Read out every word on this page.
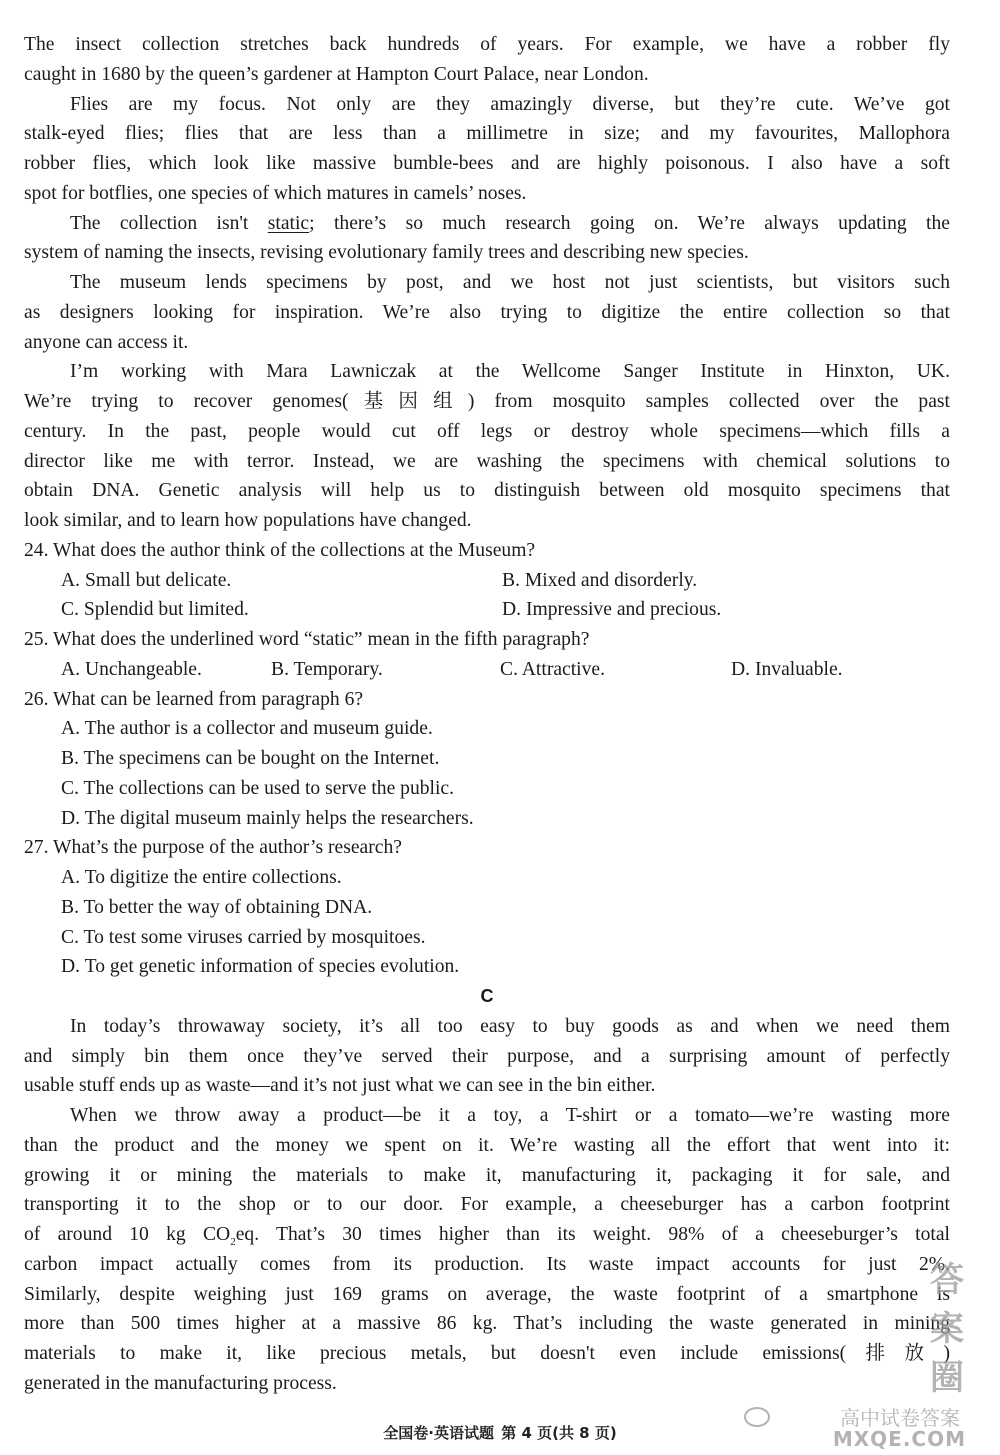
The insect collection stretches back hundreds of years. For example, we have a robber fly
caught in 1680 by the queen’s gardener at Hampton Court Palace, near London.
Flies are my focus. Not only are they amazingly diverse, but they’re cute. We’ve got
stalk-eyed flies; flies that are less than a millimetre in size; and my favourites, Mallophora
robber flies, which look like massive bumble-bees and are highly poisonous. I also have a soft
spot for botflies, one species of which matures in camels’ noses.
The collection isn't static; there’s so much research going on. We’re always updating the
system of naming the insects, revising evolutionary family trees and describing new species.
The museum lends specimens by post, and we host not just scientists, but visitors such
as designers looking for inspiration. We’re also trying to digitize the entire collection so that
anyone can access it.
I’m working with Mara Lawniczak at the Wellcome Sanger Institute in Hinxton, UK.
We’re trying to recover genomes(基因组) from mosquito samples collected over the past
century. In the past, people would cut off legs or destroy whole specimens—which fills a
director like me with terror. Instead, we are washing the specimens with chemical solutions to
obtain DNA. Genetic analysis will help us to distinguish between old mosquito specimens that
look similar, and to learn how populations have changed.
24. What does the author think of the collections at the Museum?
A. Small but delicate.	B. Mixed and disorderly.
C. Splendid but limited.	D. Impressive and precious.
25. What does the underlined word “static” mean in the fifth paragraph?
A. Unchangeable.	B. Temporary.	C. Attractive.	D. Invaluable.
26. What can be learned from paragraph 6?
A. The author is a collector and museum guide.
B. The specimens can be bought on the Internet.
C. The collections can be used to serve the public.
D. The digital museum mainly helps the researchers.
27. What’s the purpose of the author’s research?
A. To digitize the entire collections.
B. To better the way of obtaining DNA.
C. To test some viruses carried by mosquitoes.
D. To get genetic information of species evolution.
C
In today’s throwaway society, it’s all too easy to buy goods as and when we need them
and simply bin them once they’ve served their purpose, and a surprising amount of perfectly
usable stuff ends up as waste—and it’s not just what we can see in the bin either.
When we throw away a product—be it a toy, a T-shirt or a tomato—we’re wasting more
than the product and the money we spent on it. We’re wasting all the effort that went into it:
growing it or mining the materials to make it, manufacturing it, packaging it for sale, and
transporting it to the shop or to our door. For example, a cheeseburger has a carbon footprint
of around 10 kg $CO_2eq$. That’s 30 times higher than its weight. 98% of a cheeseburger’s total
carbon impact actually comes from its production. Its waste impact accounts for just 2%.
Similarly, despite weighing just 169 grams on average, the waste footprint of a smartphone is
more than 500 times higher at a massive 86 kg. That’s including the waste generated in mining
materials to make it, like precious metals, but doesn't even include emissions(排放)
generated in the manufacturing process.
全国卷·英语试题 第 4 页(共 8 页)
答案圈
高中试卷答案
MXQE.COM
